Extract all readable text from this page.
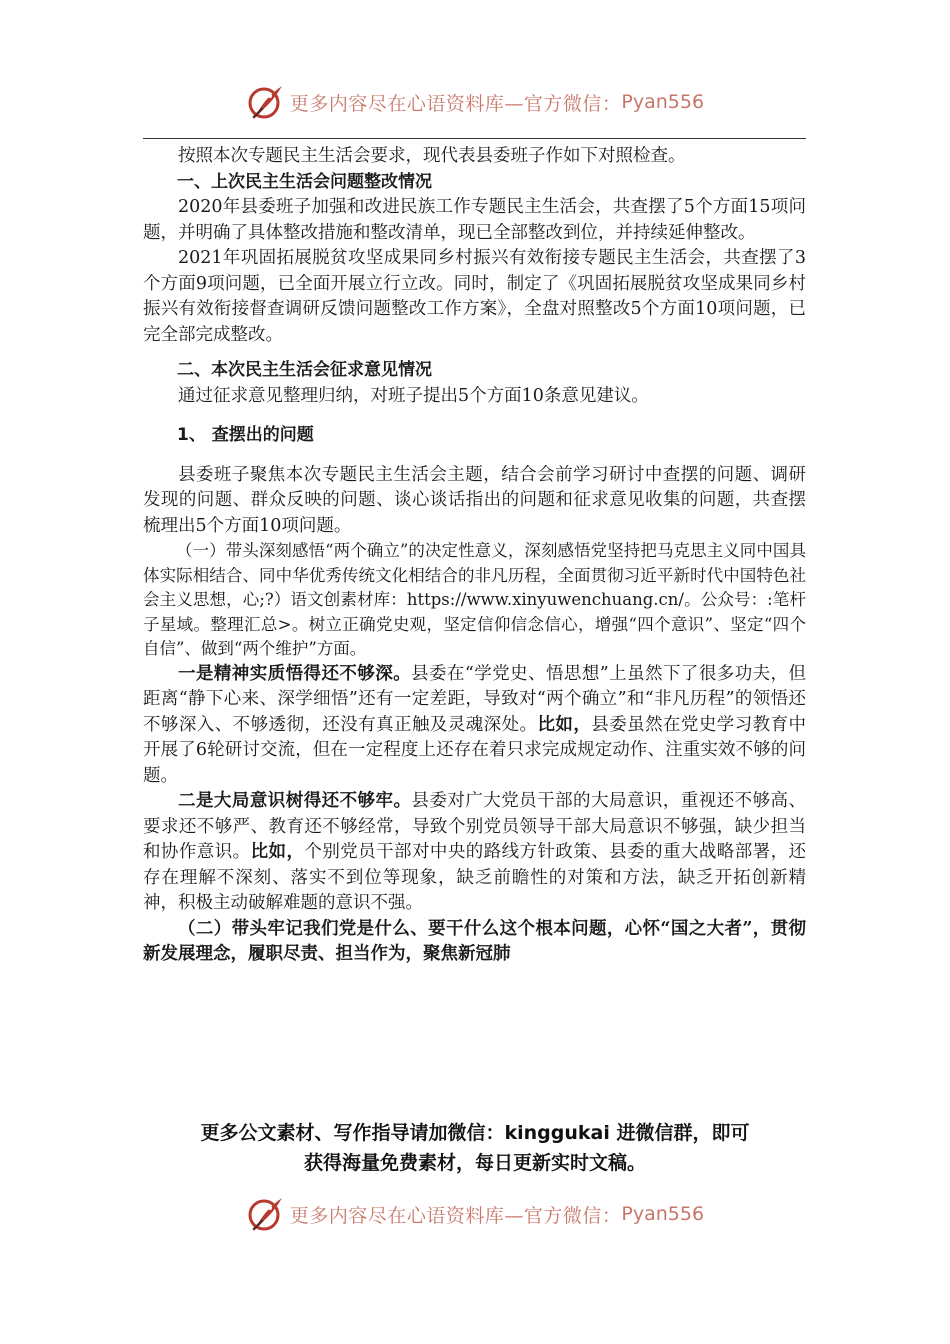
更多内容尽在心语资料库—官方微信： Pyan556

按照本次专题民主生活会要求，现代表县委班子作如下对照检查。

一、上次民主生活会问题整改情况

2020年县委班子加强和改进民族工作专题民主生活会，共查摆了5个方面15项问题，并明确了具体整改措施和整改清单，现已全部整改到位，并持续延伸整改。

2021年巩固拓展脱贫攻坚成果同乡村振兴有效衔接专题民主生活会，共查摆了3个方面9项问题，已全面开展立行立改。同时，制定了《巩固拓展脱贫攻坚成果同乡村振兴有效衔接督查调研反馈问题整改工作方案》，全盘对照整改5个方面10项问题，已完全部完成整改。

二、本次民主生活会征求意见情况

通过征求意见整理归纳，对班子提出5个方面10条意见建议。

1、 查摆出的问题

县委班子聚焦本次专题民主生活会主题，结合会前学习研讨中查摆的问题、调研发现的问题、群众反映的问题、谈心谈话指出的问题和征求意见收集的问题，共查摆梳理出5个方面10项问题。

（一）带头深刻感悟“两个确立”的决定性意义，深刻感悟党坚持把马克思主义同中国具体实际相结合、同中华优秀传统文化相结合的非凡历程，全面贯彻习近平新时代中国特色社会主义思想，心;?）语文创素材库：https://www.xinyuwenchuang.cn/。公众号：:笔杆子星域。整理汇总>。树立正确党史观，坚定信仰信念信心，增强“四个意识”、坚定“四个自信”、做到“两个维护”方面。

一是精神实质悟得还不够深。县委在“学党史、悟思想”上虽然下了很多功夫，但距离“静下心来、深学细悟”还有一定差距，导致对“两个确立”和“非凡历程”的领悟还不够深入、不够透彻，还没有真正触及灵魂深处。比如，县委虽然在党史学习教育中开展了6轮研讨交流，但在一定程度上还存在着只求完成规定动作、注重实效不够的问题。

二是大局意识树得还不够牢。县委对广大党员干部的大局意识，重视还不够高、要求还不够严、教育还不够经常，导致个别党员领导干部大局意识不够强，缺少担当和协作意识。比如，个别党员干部对中央的路线方针政策、县委的重大战略部署，还存在理解不深刻、落实不到位等现象，缺乏前瞻性的对策和方法，缺乏开拓创新精神，积极主动破解难题的意识不强。

（二）带头牢记我们党是什么、要干什么这个根本问题，心怀“国之大者”，贯彻新发展理念，履职尽责、担当作为，聚焦新冠肺

更多公文素材、写作指导请加微信：kinggukai 进微信群，即可
获得海量免费素材，每日更新实时文稿。
更多内容尽在心语资料库—官方微信： Pyan556
